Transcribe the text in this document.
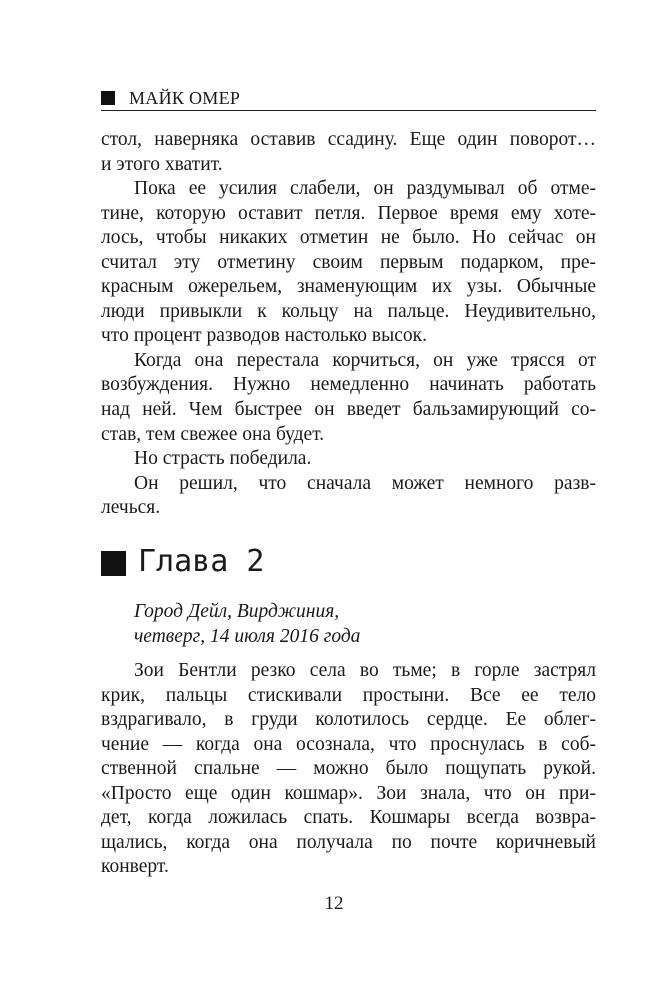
МАЙК ОМЕР
стол, наверняка оставив ссадину. Еще один поворот…
и этого хватит.
Пока ее усилия слабели, он раздумывал об отме-
тине, которую оставит петля. Первое время ему хоте-
лось, чтобы никаких отметин не было. Но сейчас он
считал эту отметину своим первым подарком, пре-
красным ожерельем, знаменующим их узы. Обычные
люди привыкли к кольцу на пальце. Неудивительно,
что процент разводов настолько высок.
Когда она перестала корчиться, он уже трясся от
возбуждения. Нужно немедленно начинать работать
над ней. Чем быстрее он введет бальзамирующий со-
став, тем свежее она будет.
Но страсть победила.
Он решил, что сначала может немного разв-
лечься.
Глава 2
Город Дейл, Вирджиния,
четверг, 14 июля 2016 года
Зои Бентли резко села во тьме; в горле застрял
крик, пальцы стискивали простыни. Все ее тело
вздрагивало, в груди колотилось сердце. Ее облег-
чение — когда она осознала, что проснулась в соб-
ственной спальне — можно было пощупать рукой.
«Просто еще один кошмар». Зои знала, что он при-
дет, когда ложилась спать. Кошмары всегда возвра-
щались, когда она получала по почте коричневый
конверт.
12
